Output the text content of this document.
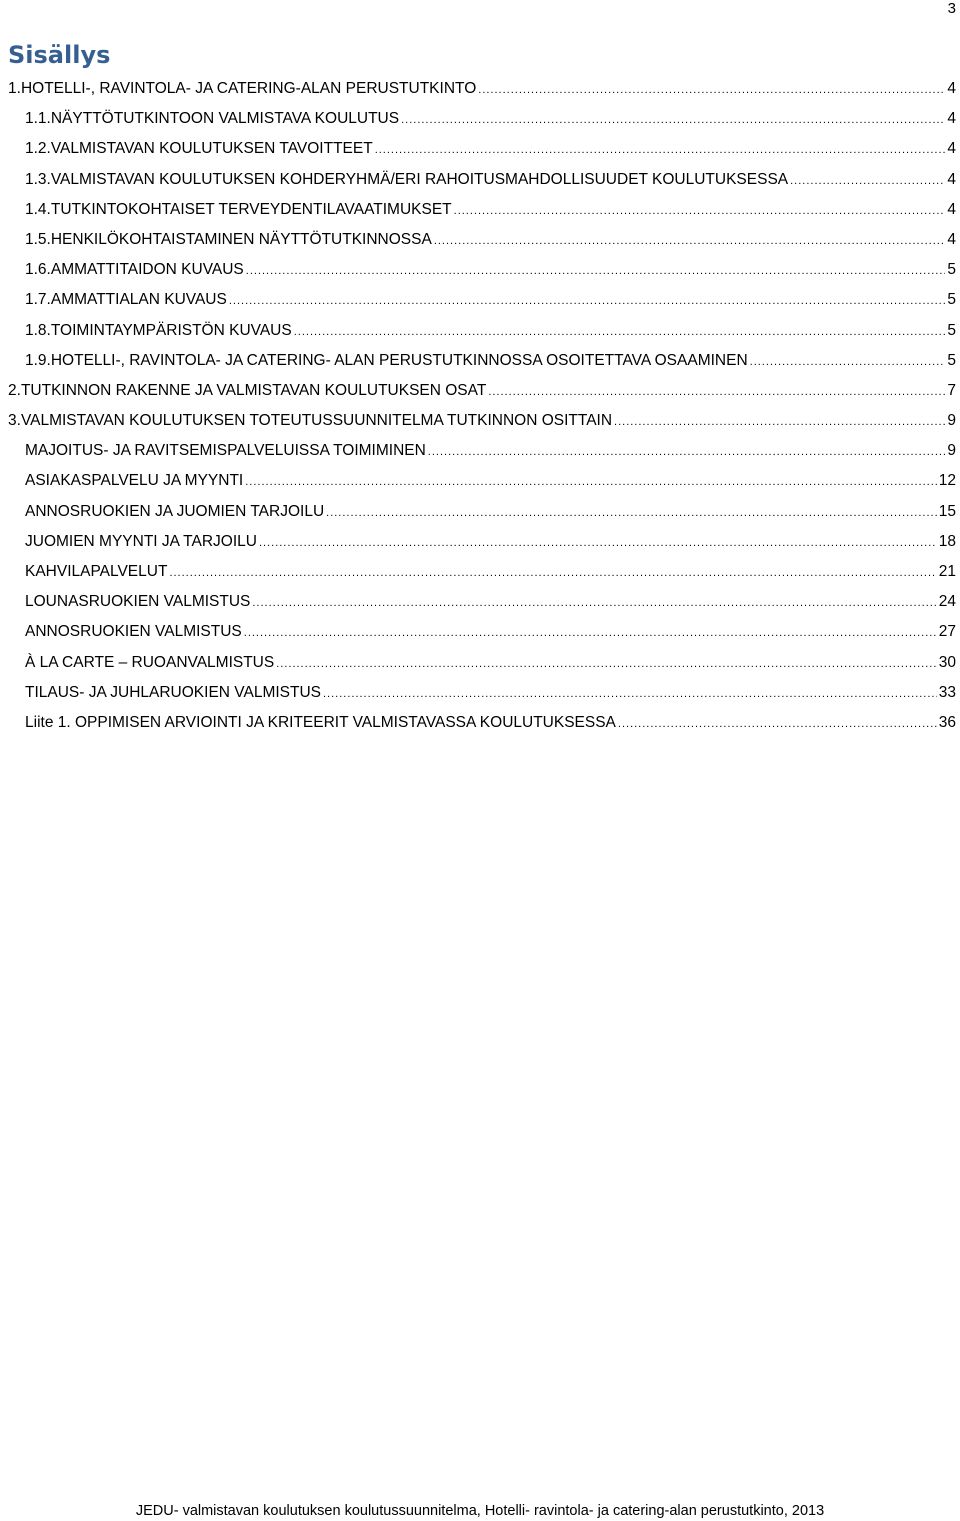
3
Sisällys
1. HOTELLI-, RAVINTOLA- JA CATERING-ALAN PERUSTUTKINTO .....	4
1.1. NÄYTTÖTUTKINTOON VALMISTAVA KOULUTUS .....	4
1.2. VALMISTAVAN KOULUTUKSEN TAVOITTEET .....	4
1.3. VALMISTAVAN KOULUTUKSEN KOHDERYHMÄ/ERI RAHOITUSMAHDOLLISUUDET KOULUTUKSESSA .....	4
1.4. TUTKINTOKOHTAISET TERVEYDENTILAVAATIMUKSET .....	4
1.5. HENKILÖKOHTAISTAMINEN NÄYTTÖTUTKINNOSSA .....	4
1.6. AMMATTITAIDON KUVAUS .....	5
1.7. AMMATTIALAN KUVAUS .....	5
1.8. TOIMINTAYMPÄRISTÖN KUVAUS .....	5
1.9. HOTELLI-, RAVINTOLA- JA CATERING- ALAN PERUSTUTKINNOSSA OSOITETTAVA OSAAMINEN .....	5
2. TUTKINNON RAKENNE JA VALMISTAVAN KOULUTUKSEN OSAT .....	7
3. VALMISTAVAN KOULUTUKSEN TOTEUTUSSUUNNITELMA TUTKINNON OSITTAIN .....	9
MAJOITUS- JA RAVITSEMISPALVELUISSA TOIMIMINEN .....	9
ASIAKASPALVELU JA MYYNTI .....	12
ANNOSRUOKIEN JA JUOMIEN TARJOILU .....	15
JUOMIEN MYYNTI JA TARJOILU .....	18
KAHVILAPALVELUT .....	21
LOUNASRUOKIEN VALMISTUS .....	24
ANNOSRUOKIEN VALMISTUS .....	27
À LA CARTE – RUOANVALMISTUS .....	30
TILAUS- JA JUHLARUOKIEN VALMISTUS .....	33
Liite 1. OPPIMISEN ARVIOINTI JA KRITEERIT VALMISTAVASSA KOULUTUKSESSA .....	36
JEDU- valmistavan koulutuksen koulutussuunnitelma, Hotelli- ravintola- ja catering-alan perustutkinto, 2013
